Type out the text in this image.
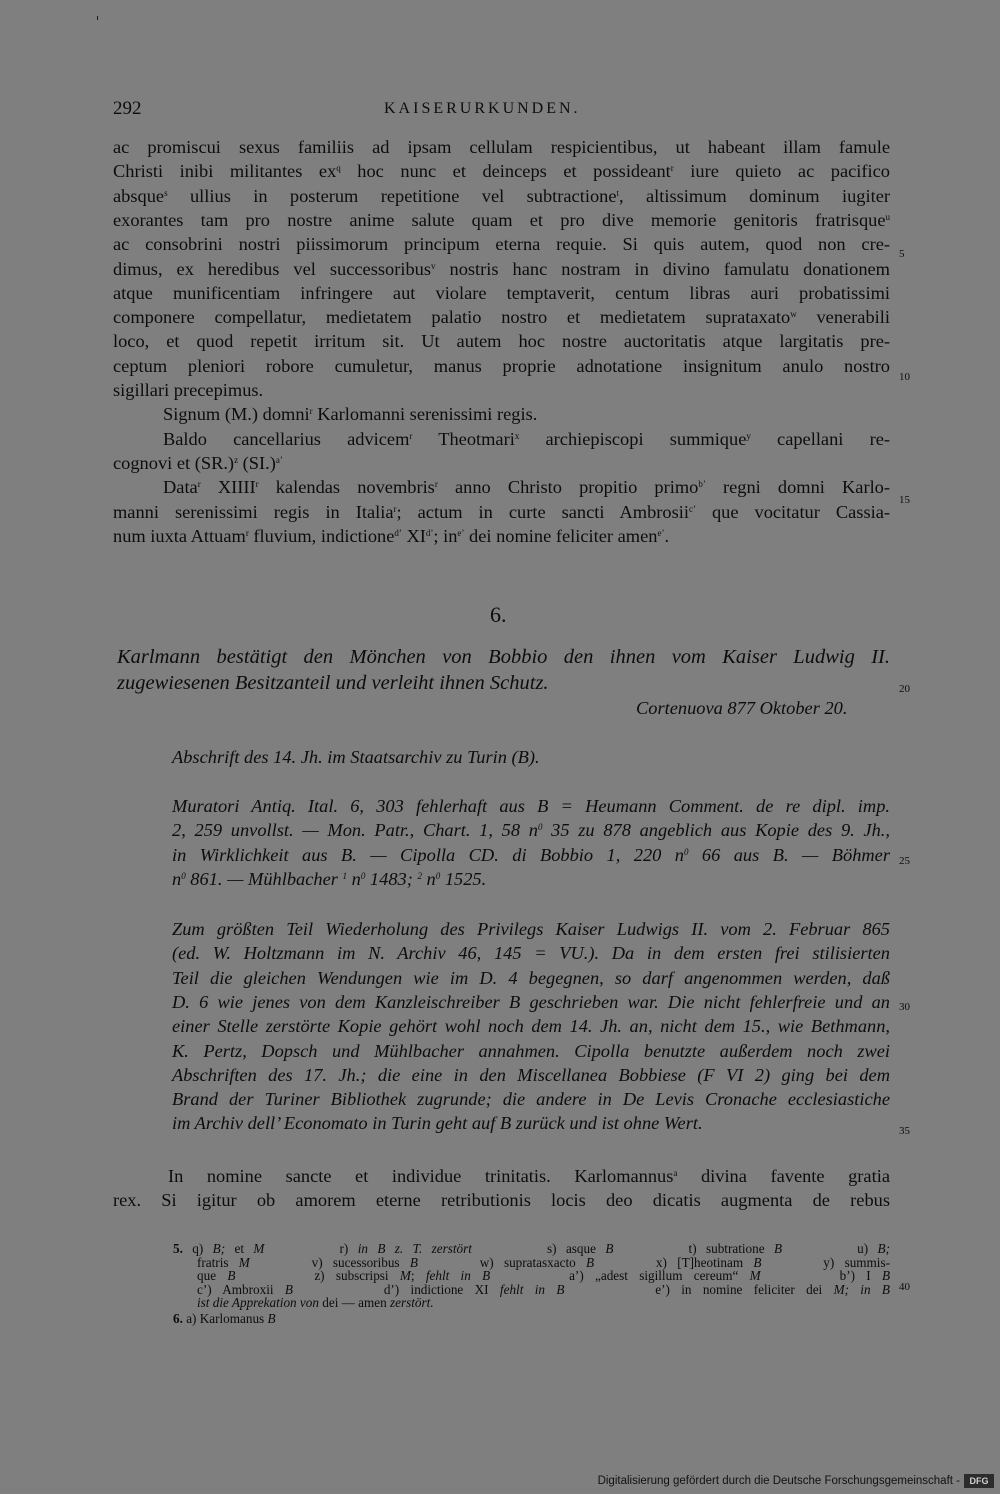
292	KAISERURKUNDEN.
ac promiscui sexus familiis ad ipsam cellulam respicientibus, ut habeant illam famule
Christi inibi militantes $ex^q$ hoc nunc et deinceps et possideant$^r$ iure quieto ac pacifico
absque$^s$ ullius in posterum repetitione vel subtractione$^t$, altissimum dominum iugiter
exorantes tam pro nostre anime salute quam et pro dive memorie genitoris fratrisque$^u$
ac consobrini nostri piissimorum principum eterna requie. Si quis autem, quod non cre-
dimus, ex heredibus vel successoribus$^v$ nostris hanc nostram in divino famulatu donationem
atque munificentiam infringere aut violare temptaverit, centum libras auri probatissimi
componere compellatur, medietatem palatio nostro et medietatem suprataxato$^w$ venerabili
loco, et quod repetit irritum sit. Ut autem hoc nostre auctoritatis atque largitatis pre-
ceptum pleniori robore cumuletur, manus proprie adnotatione insignitum anulo nostro
sigillari precepimus.
Signum (M.) domni$^r$ Karlomanni serenissimi regis.
Baldo cancellarius advicem$^r$ Theotmari$^x$ archiepiscopi summique$^y$ capellani re-
cognovi et $(SR.)^z$ $(SI.)^{a’}$
Data$^r$ XIIII$^r$ kalendas novembris$^r$ anno Christo propitio primo$^{b’}$ regni domni Karlo-
manni serenissimi regis in Italia$^r$; actum in curte sancti Ambrosii$^{c’}$ que vocitatur Cassia-
num iuxta Attuam$^r$ fluvium, indictione$^{d’}$ $XI^{d’}$; $in^{e’}$ dei nomine feliciter amen$^{e’}$.
Muratori Antiq. Ital. 6, 303 fehlerhaft aus B = Heumann Comment. de re dipl. imp.
2, 259 unvollst. — Mon. Patr., Chart. 1, 58 $n^0$ 35 zu 878 angeblich aus Kopie des 9. Jh.,
in Wirklichkeit aus B. — Cipolla CD. di Bobbio 1, 220 $n^0$ 66 aus B. — Böhmer
$n^0$ 861. — Mühlbacher $^1$ $n^0$ 1483; $^2$ $n^0$ 1525.
Zum größten Teil Wiederholung des Privilegs Kaiser Ludwigs II. vom 2. Februar 865
(ed. W. Holtzmann im N. Archiv 46, 145 = VU.). Da in dem ersten frei stilisierten
Teil die gleichen Wendungen wie im D. 4 begegnen, so darf angenommen werden, daß
D. 6 wie jenes von dem Kanzleischreiber B geschrieben war. Die nicht fehlerfreie und an
einer Stelle zerstörte Kopie gehört wohl noch dem 14. Jh. an, nicht dem 15., wie Bethmann,
K. Pertz, Dopsch und Mühlbacher annahmen. Cipolla benutzte außerdem noch zwei
Abschriften des 17. Jh.; die eine in den Miscellanea Bobbiese (F VI 2) ging bei dem
Brand der Turiner Bibliothek zugrunde; die andere in De Levis Cronache ecclesiastiche
im Archiv dell’ Economato in Turin geht auf B zurück und ist ohne Wert.
In nomine sancte et individue trinitatis. Karlomannus$^a$ divina favente gratia
rex. Si igitur ob amorem eterne retributionis locis deo dicatis augmenta de rebus
5. q) B; et M        r) in B z. T. zerstört        s) asque B        t) subtratione B        u) B;
fratris M      v) sucessoribus B      w) supratasxacto B      x) [T]heotinam B      y) summis-
que B       z) subscripsi M; fehlt in B       a’) „adest sigillum cereum“ M       b’) I B
c’) Ambroxii B        d’) indictione XI fehlt in B        e’) in nomine feliciter dei M; in B
ist die Apprekation von dei — amen zerstört.
6. a) Karlomanus B
5
10
15
20
25
30
35
40
6.
Karlmann bestätigt den Mönchen von Bobbio den ihnen vom Kaiser Ludwig II.
zugewiesenen Besitzanteil und verleiht ihnen Schutz.
Cortenuova 877 Oktober 20.
Abschrift des 14. Jh. im Staatsarchiv zu Turin (B).
Digitalisierung gefördert durch die Deutsche Forschungsgemeinschaft -	DFG
